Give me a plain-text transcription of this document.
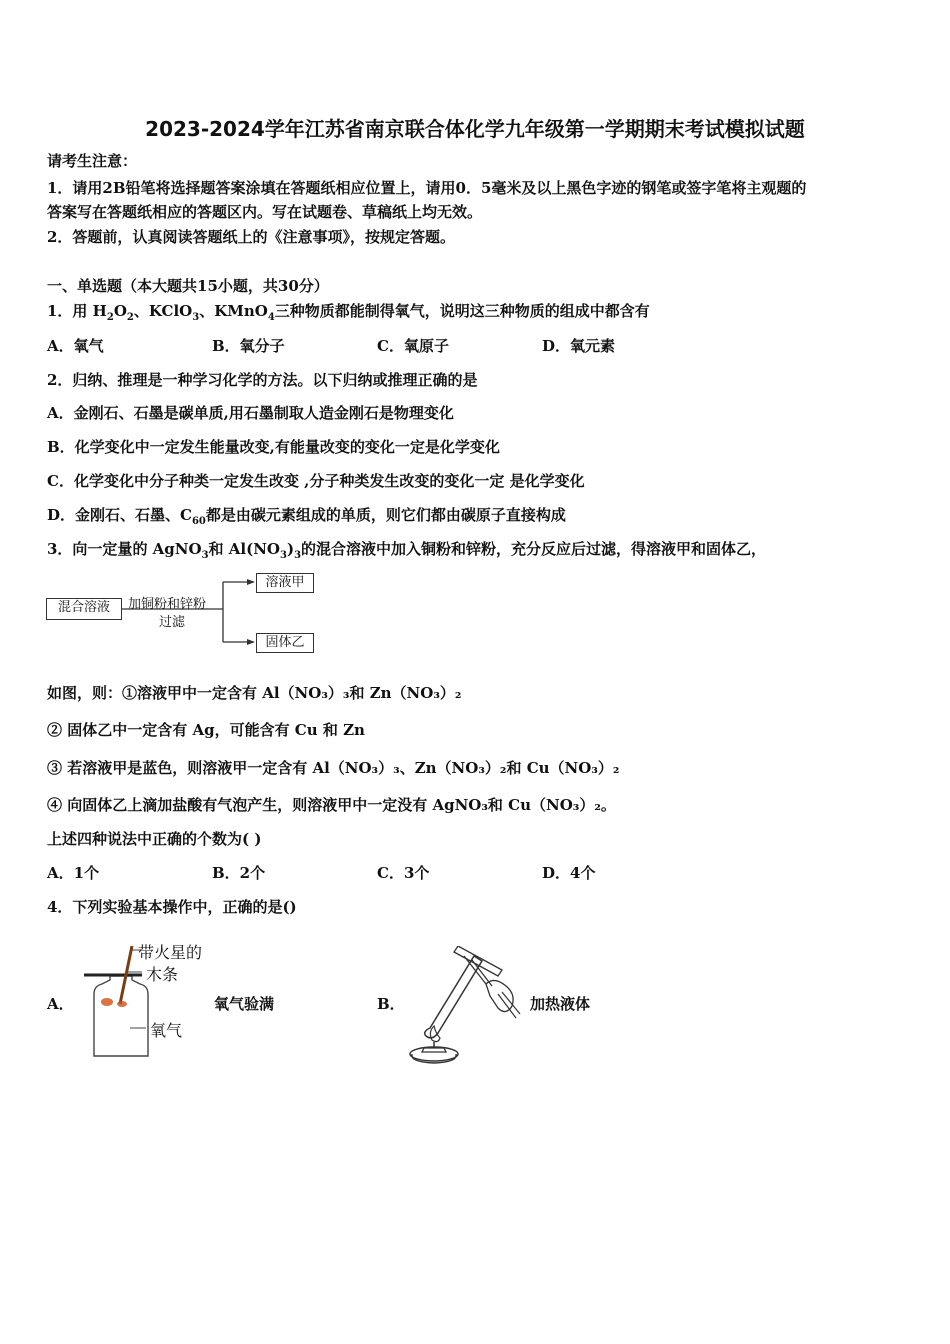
2023-2024学年江苏省南京联合体化学九年级第一学期期末考试模拟试题
请考生注意：
1．请用2B铅笔将选择题答案涂填在答题纸相应位置上，请用0．5毫米及以上黑色字迹的钢笔或签字笔将主观题的
答案写在答题纸相应的答题区内。写在试题卷、草稿纸上均无效。
2．答题前，认真阅读答题纸上的《注意事项》，按规定答题。
一、单选题（本大题共15小题，共30分）
1．用 $H_2O_2$、KClO$_3$、KMnO$_4$三种物质都能制得氧气，说明这三种物质的组成中都含有
A．氧气	B．氧分子	C．氧原子	D．氧元素
2．归纳、推理是一种学习化学的方法。以下归纳或推理正确的是
A．金刚石、石墨是碳单质,用石墨制取人造金刚石是物理变化
B．化学变化中一定发生能量改变,有能量改变的变化一定是化学变化
C．化学变化中分子种类一定发生改变 ,分子种类发生改变的变化一定 是化学变化
D．金刚石、石墨、$C_{60}$都是由碳元素组成的单质，则它们都由碳原子直接构成
3．向一定量的 AgNO$_3$和 $Al(NO_3)_3$的混合溶液中加入铜粉和锌粉，充分反应后过滤，得溶液甲和固体乙，
混合溶液	加铜粉和锌粉
过滤
溶液甲
固体乙
如图，则：①溶液甲中一定含有 Al（NO₃）₃和 Zn（NO₃）₂
② 固体乙中一定含有 Ag，可能含有 Cu 和 Zn
③ 若溶液甲是蓝色，则溶液甲一定含有 Al（NO₃）₃、Zn（NO₃）₂和 Cu（NO₃）₂
④ 向固体乙上滴加盐酸有气泡产生，则溶液甲中一定没有 AgNO₃和 Cu（NO₃）₂。
上述四种说法中正确的个数为( )
A．1个	B．2个	C．3个	D．4个
4．下列实验基本操作中，正确的是()
A．
带火星的
木条
氧气
氧气验满	B．	加热液体
